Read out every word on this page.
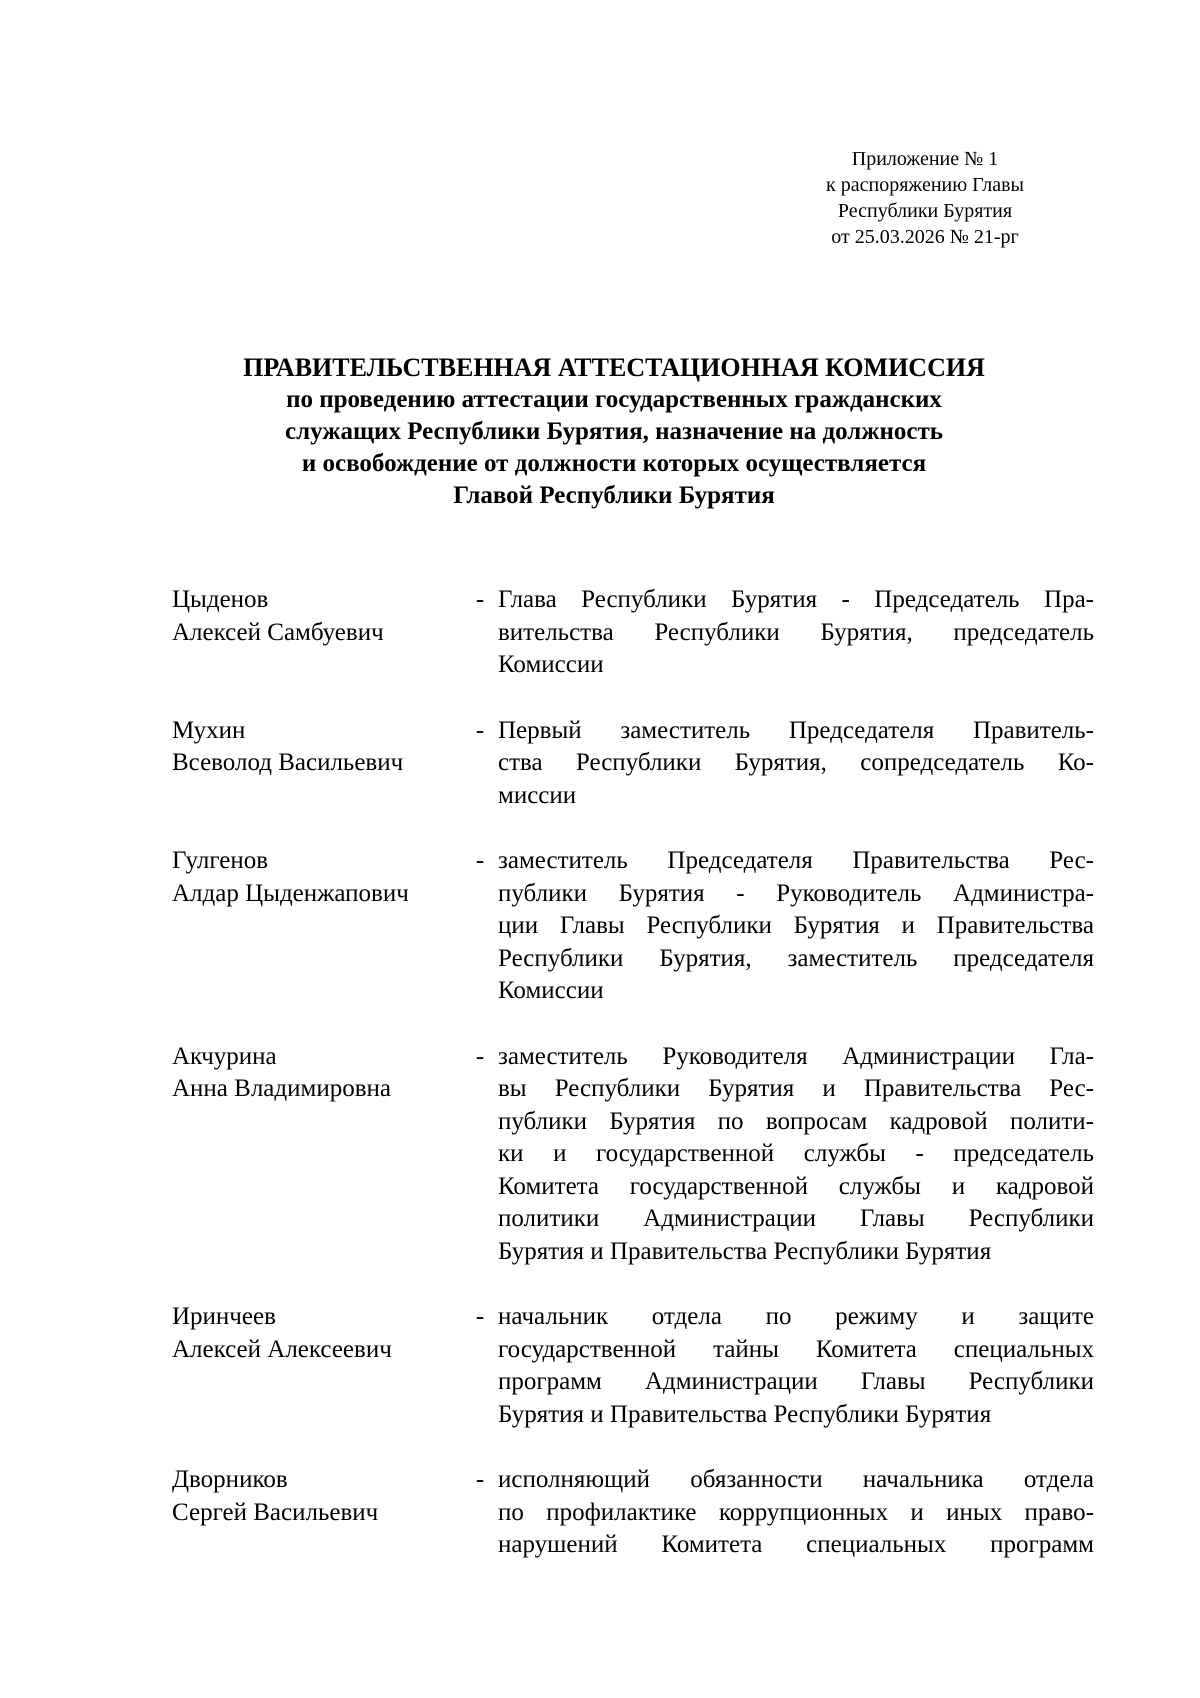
Приложение № 1
к распоряжению Главы
Республики Бурятия
от 25.03.2026 № 21-рг
ПРАВИТЕЛЬСТВЕННАЯ АТТЕСТАЦИОННАЯ КОМИССИЯ
по проведению аттестации государственных гражданских
служащих Республики Бурятия, назначение на должность
и освобождение от должности которых осуществляется
Главой Республики Бурятия
Цыденов
Алексей Самбуевич
- Глава Республики Бурятия - Председатель Пра-
вительства Республики Бурятия, председатель
Комиссии
Мухин
Всеволод Васильевич
- Первый заместитель Председателя Правитель-
ства Республики Бурятия, сопредседатель Ко-
миссии
Гулгенов
Алдар Цыденжапович
- заместитель Председателя Правительства Рес-
публики Бурятия - Руководитель Администра-
ции Главы Республики Бурятия и Правительства
Республики Бурятия, заместитель председателя
Комиссии
Акчурина
Анна Владимировна
- заместитель Руководителя Администрации Гла-
вы Республики Бурятия и Правительства Рес-
публики Бурятия по вопросам кадровой полити-
ки и государственной службы - председатель
Комитета государственной службы и кадровой
политики Администрации Главы Республики
Бурятия и Правительства Республики Бурятия
Иринчеев
Алексей Алексеевич
- начальник отдела по режиму и защите
государственной тайны Комитета специальных
программ Администрации Главы Республики
Бурятия и Правительства Республики Бурятия
Дворников
Сергей Васильевич
- исполняющий обязанности начальника отдела
по профилактике коррупционных и иных право-
нарушений Комитета специальных программ
